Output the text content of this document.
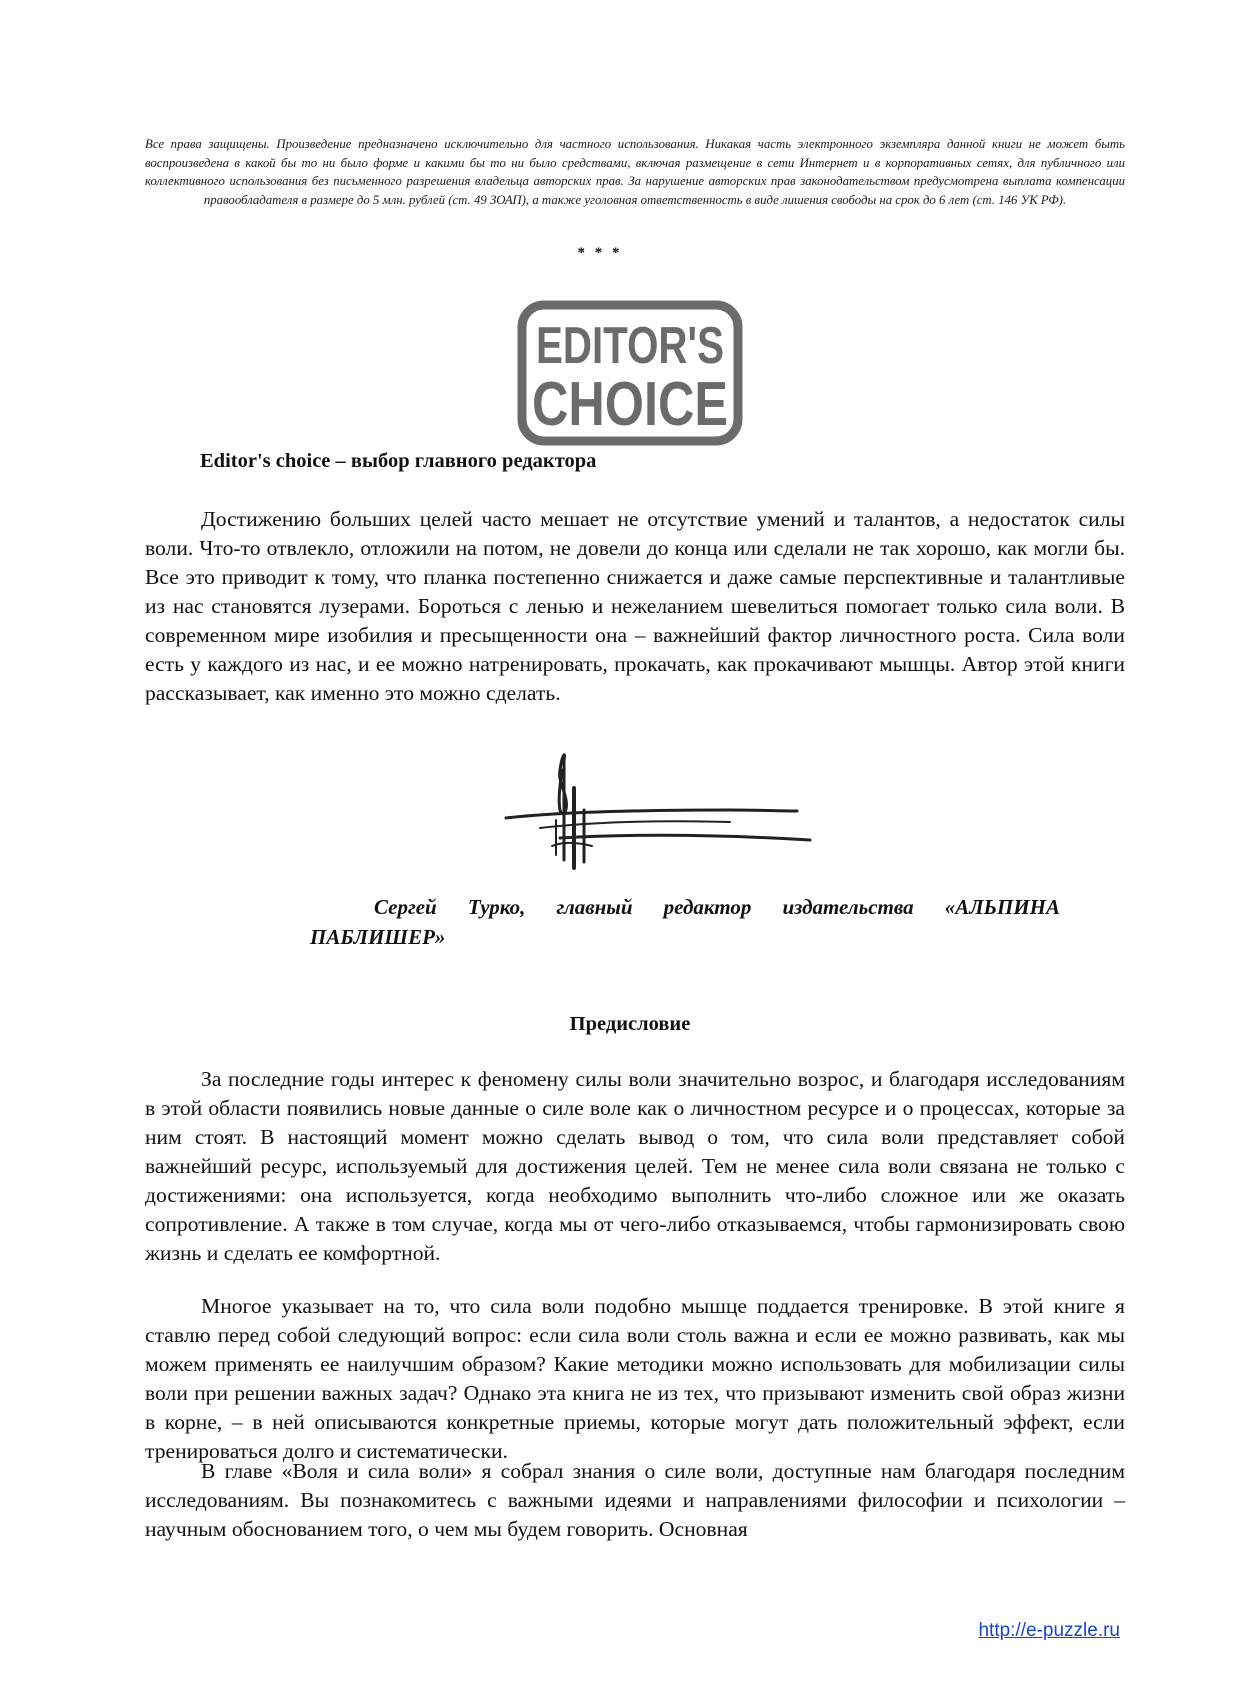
Все права защищены. Произведение предназначено исключительно для частного использования. Никакая часть электронного экземпляра данной книги не может быть воспроизведена в какой бы то ни было форме и какими бы то ни было средствами, включая размещение в сети Интернет и в корпоративных сетях, для публичного или коллективного использования без письменного разрешения владельца авторских прав. За нарушение авторских прав законодательством предусмотрена выплата компенсации правообладателя в размере до 5 млн. рублей (ст. 49 ЗОАП), а также уголовная ответственность в виде лишения свободы на срок до 6 лет (ст. 146 УК РФ).
* * *
EDITOR'S
CHOICE
Editor's choice – выбор главного редактора

Достижению больших целей часто мешает не отсутствие умений и талантов, а недостаток силы воли. Что-то отвлекло, отложили на потом, не довели до конца или сделали не так хорошо, как могли бы. Все это приводит к тому, что планка постепенно снижается и даже самые перспективные и талантливые из нас становятся лузерами. Бороться с ленью и нежеланием шевелиться помогает только сила воли. В современном мире изобилия и пресыщенности она – важнейший фактор личностного роста. Сила воли есть у каждого из нас, и ее можно натренировать, прокачать, как прокачивают мышцы. Автор этой книги рассказывает, как именно это можно сделать.

Сергей Турко, главный редактор издательства «АЛЬПИНА ПАБЛИШЕР»

Предисловие

За последние годы интерес к феномену силы воли значительно возрос, и благодаря исследованиям в этой области появились новые данные о силе воле как о личностном ресурсе и о процессах, которые за ним стоят. В настоящий момент можно сделать вывод о том, что сила воли представляет собой важнейший ресурс, используемый для достижения целей. Тем не менее сила воли связана не только с достижениями: она используется, когда необходимо выполнить что-либо сложное или же оказать сопротивление. А также в том случае, когда мы от чего-либо отказываемся, чтобы гармонизировать свою жизнь и сделать ее комфортной.

Многое указывает на то, что сила воли подобно мышце поддается тренировке. В этой книге я ставлю перед собой следующий вопрос: если сила воли столь важна и если ее можно развивать, как мы можем применять ее наилучшим образом? Какие методики можно использовать для мобилизации силы воли при решении важных задач? Однако эта книга не из тех, что призывают изменить свой образ жизни в корне, – в ней описываются конкретные приемы, которые могут дать положительный эффект, если тренироваться долго и систематически.

В главе «Воля и сила воли» я собрал знания о силе воли, доступные нам благодаря последним исследованиям. Вы познакомитесь с важными идеями и направлениями философии и психологии – научным обоснованием того, о чем мы будем говорить. Основная

http://e-puzzle.ru
